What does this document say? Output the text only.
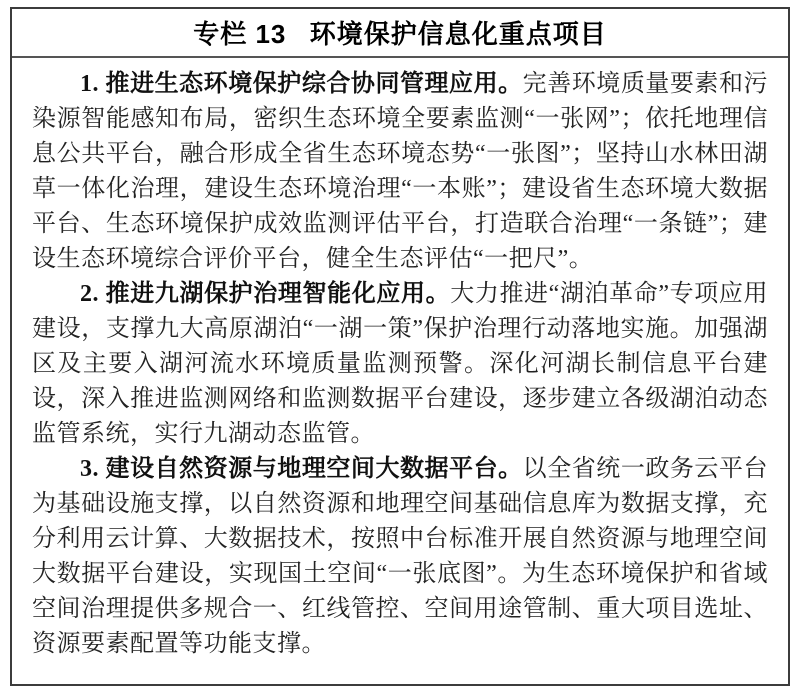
专栏 13 环境保护信息化重点项目

1. 推进生态环境保护综合协同管理应用。完善环境质量要素和污染源智能感知布局，密织生态环境全要素监测“一张网”；依托地理信息公共平台，融合形成全省生态环境态势“一张图”；坚持山水林田湖草一体化治理，建设生态环境治理“一本账”；建设省生态环境大数据平台、生态环境保护成效监测评估平台，打造联合治理“一条链”；建设生态环境综合评价平台，健全生态评估“一把尺”。

2. 推进九湖保护治理智能化应用。大力推进“湖泊革命”专项应用建设，支撑九大高原湖泊“一湖一策”保护治理行动落地实施。加强湖区及主要入湖河流水环境质量监测预警。深化河湖长制信息平台建设，深入推进监测网络和监测数据平台建设，逐步建立各级湖泊动态监管系统，实行九湖动态监管。

3. 建设自然资源与地理空间大数据平台。以全省统一政务云平台为基础设施支撑，以自然资源和地理空间基础信息库为数据支撑，充分利用云计算、大数据技术，按照中台标准开展自然资源与地理空间大数据平台建设，实现国土空间“一张底图”。为生态环境保护和省域空间治理提供多规合一、红线管控、空间用途管制、重大项目选址、资源要素配置等功能支撑。
